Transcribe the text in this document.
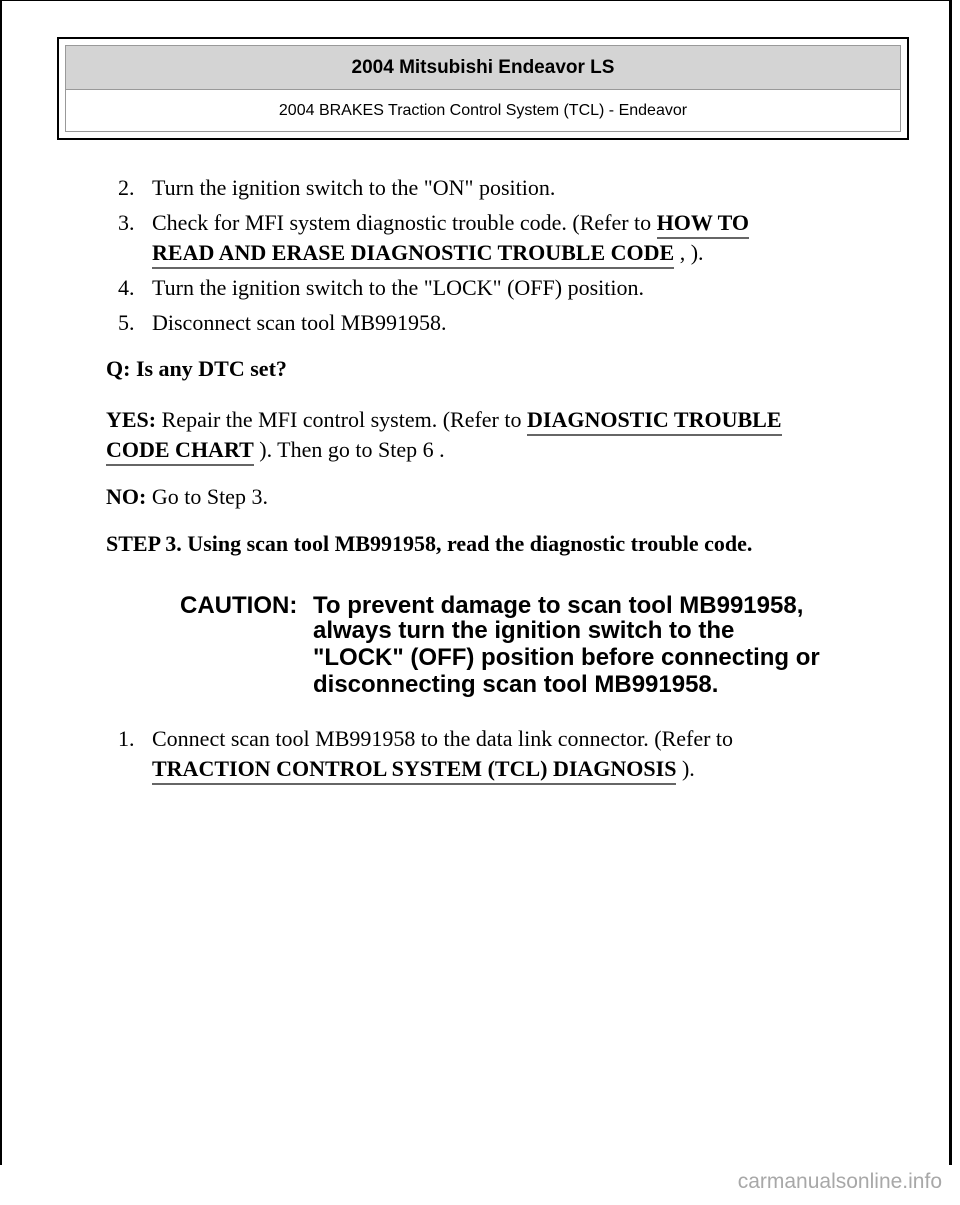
2004 Mitsubishi Endeavor LS
2004 BRAKES Traction Control System (TCL) - Endeavor
2. Turn the ignition switch to the "ON" position.
3. Check for MFI system diagnostic trouble code. (Refer to HOW TO
READ AND ERASE DIAGNOSTIC TROUBLE CODE , ).
4. Turn the ignition switch to the "LOCK" (OFF) position.
5. Disconnect scan tool MB991958.
Q: Is any DTC set?
YES: Repair the MFI control system. (Refer to DIAGNOSTIC TROUBLE
CODE CHART ). Then go to Step 6 .
NO: Go to Step 3.
STEP 3. Using scan tool MB991958, read the diagnostic trouble code.
CAUTION: To prevent damage to scan tool MB991958,
always turn the ignition switch to the
"LOCK" (OFF) position before connecting or
disconnecting scan tool MB991958.
1. Connect scan tool MB991958 to the data link connector. (Refer to
TRACTION CONTROL SYSTEM (TCL) DIAGNOSIS ).
carmanualsonline.info
